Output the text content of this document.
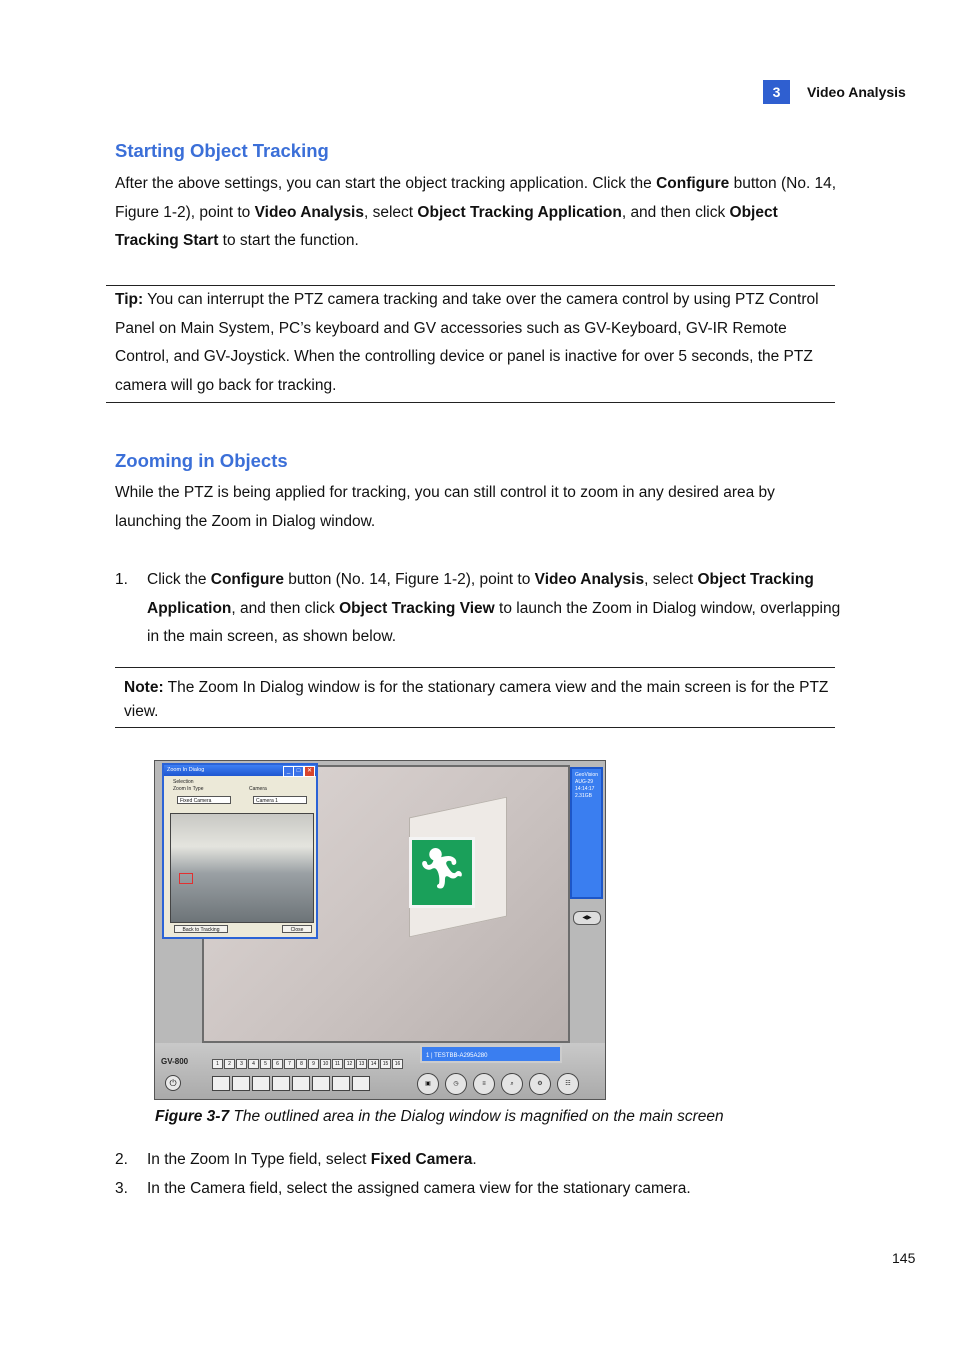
3	Video Analysis
Starting Object Tracking
After the above settings, you can start the object tracking application. Click the Configure button (No. 14, Figure 1-2), point to Video Analysis, select Object Tracking Application, and then click Object Tracking Start to start the function.
Tip: You can interrupt the PTZ camera tracking and take over the camera control by using PTZ Control Panel on Main System, PC’s keyboard and GV accessories such as GV-Keyboard, GV-IR Remote Control, and GV-Joystick. When the controlling device or panel is inactive for over 5 seconds, the PTZ camera will go back for tracking.
Zooming in Objects
While the PTZ is being applied for tracking, you can still control it to zoom in any desired area by launching the Zoom in Dialog window.
1. Click the Configure button (No. 14, Figure 1-2), point to Video Analysis, select Object Tracking Application, and then click Object Tracking View to launch the Zoom in Dialog window, overlapping in the main screen, as shown below.
Note: The Zoom In Dialog window is for the stationary camera view and the main screen is for the PTZ view.
🏃︎
GeoVision
AUG-29
14:14:17
2.31GB
◀▶
GV-800
⏻
1	2	3	4	5	6	7	8	9	10	11	12	13	14	15	16
1 | TESTBB-A295A280
▣	◷	≡	⌕	⚙	☷
Zoom In Dialog	_	□	✕
Selection
Zoom In Type	Camera
Fixed Camera	Camera 1
Back to Tracking	Close
Figure 3-7 The outlined area in the Dialog window is magnified on the main screen
2. In the Zoom In Type field, select Fixed Camera.
3. In the Camera field, select the assigned camera view for the stationary camera.
145
